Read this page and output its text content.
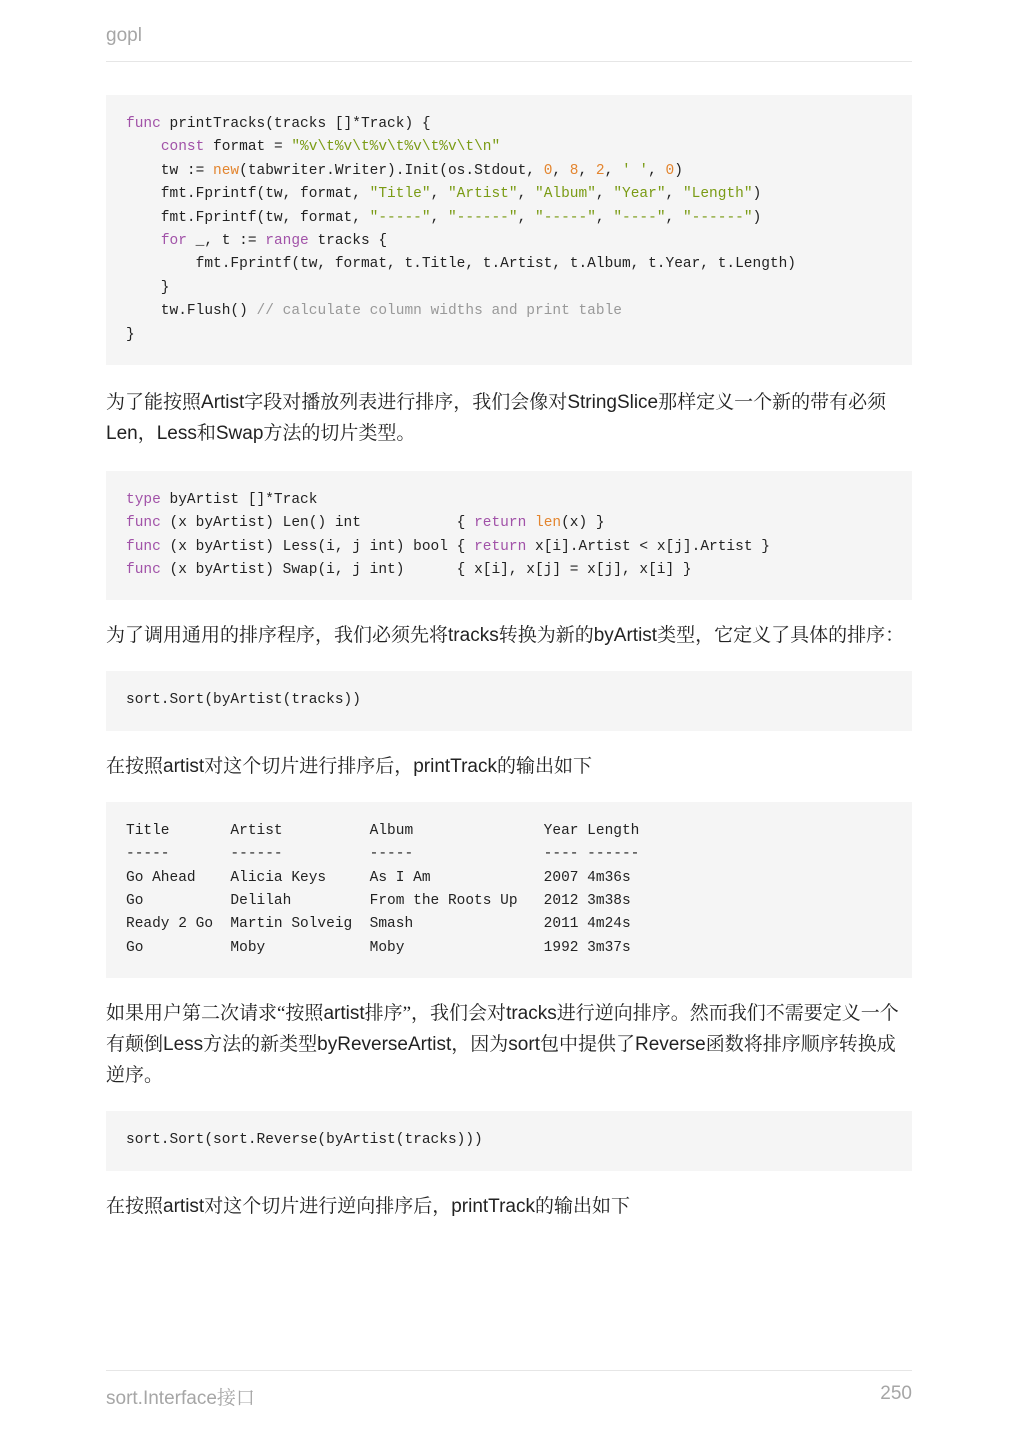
gopl
func printTracks(tracks []*Track) {
const format = "%v\t%v\t%v\t%v\t%v\t\n"
tw := new(tabwriter.Writer).Init(os.Stdout, 0, 8, 2, ' ', 0)
fmt.Fprintf(tw, format, "Title", "Artist", "Album", "Year", "Length")
fmt.Fprintf(tw, format, "-----", "------", "-----", "----", "------")
for _, t := range tracks {
fmt.Fprintf(tw, format, t.Title, t.Artist, t.Album, t.Year, t.Length)
}
tw.Flush() // calculate column widths and print table
}

为了能按照Artist字段对播放列表进行排序，我们会像对StringSlice那样定义一个新的带有必须Len，Less和Swap方法的切片类型。

type byArtist []*Track
func (x byArtist) Len() int           { return len(x) }
func (x byArtist) Less(i, j int) bool { return x[i].Artist < x[j].Artist }
func (x byArtist) Swap(i, j int)      { x[i], x[j] = x[j], x[i] }

为了调用通用的排序程序，我们必须先将tracks转换为新的byArtist类型，它定义了具体的排序：

sort.Sort(byArtist(tracks))

在按照artist对这个切片进行排序后，printTrack的输出如下

Title       Artist          Album               Year Length
-----       ------          -----               ---- ------
Go Ahead    Alicia Keys     As I Am             2007 4m36s
Go          Delilah         From the Roots Up   2012 3m38s
Ready 2 Go  Martin Solveig  Smash               2011 4m24s
Go          Moby            Moby                1992 3m37s

如果用户第二次请求“按照artist排序”，我们会对tracks进行逆向排序。然而我们不需要定义一个有颠倒Less方法的新类型byReverseArtist，因为sort包中提供了Reverse函数将排序顺序转换成逆序。

sort.Sort(sort.Reverse(byArtist(tracks)))

在按照artist对这个切片进行逆向排序后，printTrack的输出如下

sort.Interface接口	250
